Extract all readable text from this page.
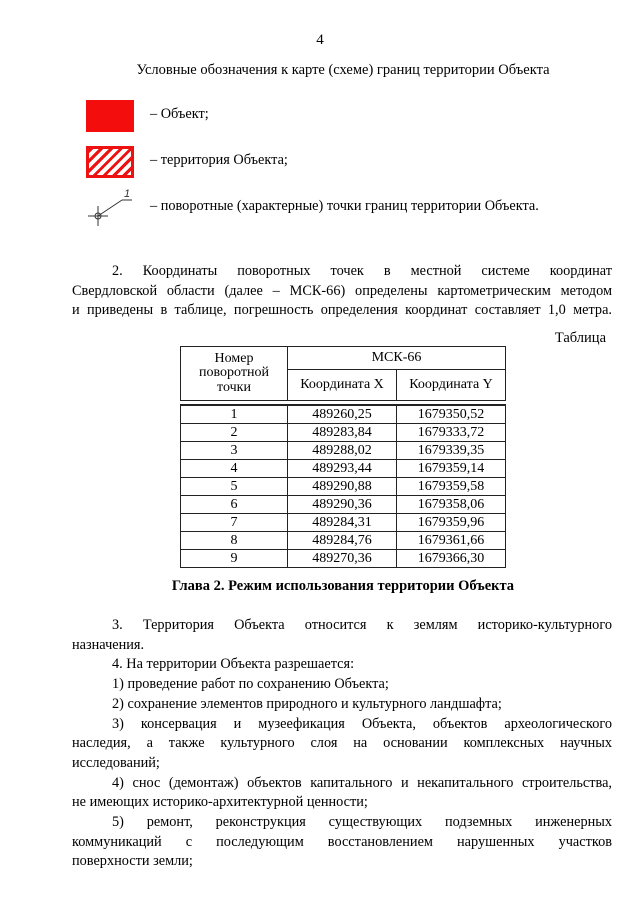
4
Условные обозначения к карте (схеме) границ территории Объекта
– Объект;
– территория Объекта;
1
– поворотные (характерные) точки границ территории Объекта.
2. Координаты поворотных точек в местной системе координат
Свердловской области (далее – МСК-66) определены картометрическим методом
и приведены в таблице, погрешность определения координат составляет 1,0 метра.
Таблица
Номер поворотной точки	МСК-66	
	Координата X	Координата Y

1	489260,25	1679350,52
2	489283,84	1679333,72
3	489288,02	1679339,35
4	489293,44	1679359,14
5	489290,88	1679359,58
6	489290,36	1679358,06
7	489284,31	1679359,96
8	489284,76	1679361,66
9	489270,36	1679366,30
Глава 2. Режим использования территории Объекта
3. Территория Объекта относится к землям историко-культурного
назначения.
4. На территории Объекта разрешается:
1) проведение работ по сохранению Объекта;
2) сохранение элементов природного и культурного ландшафта;
3) консервация и музеефикация Объекта, объектов археологического
наследия, а также культурного слоя на основании комплексных научных
исследований;
4) снос (демонтаж) объектов капитального и некапитального строительства,
не имеющих историко-архитектурной ценности;
5) ремонт, реконструкция существующих подземных инженерных
коммуникаций с последующим восстановлением нарушенных участков
поверхности земли;
